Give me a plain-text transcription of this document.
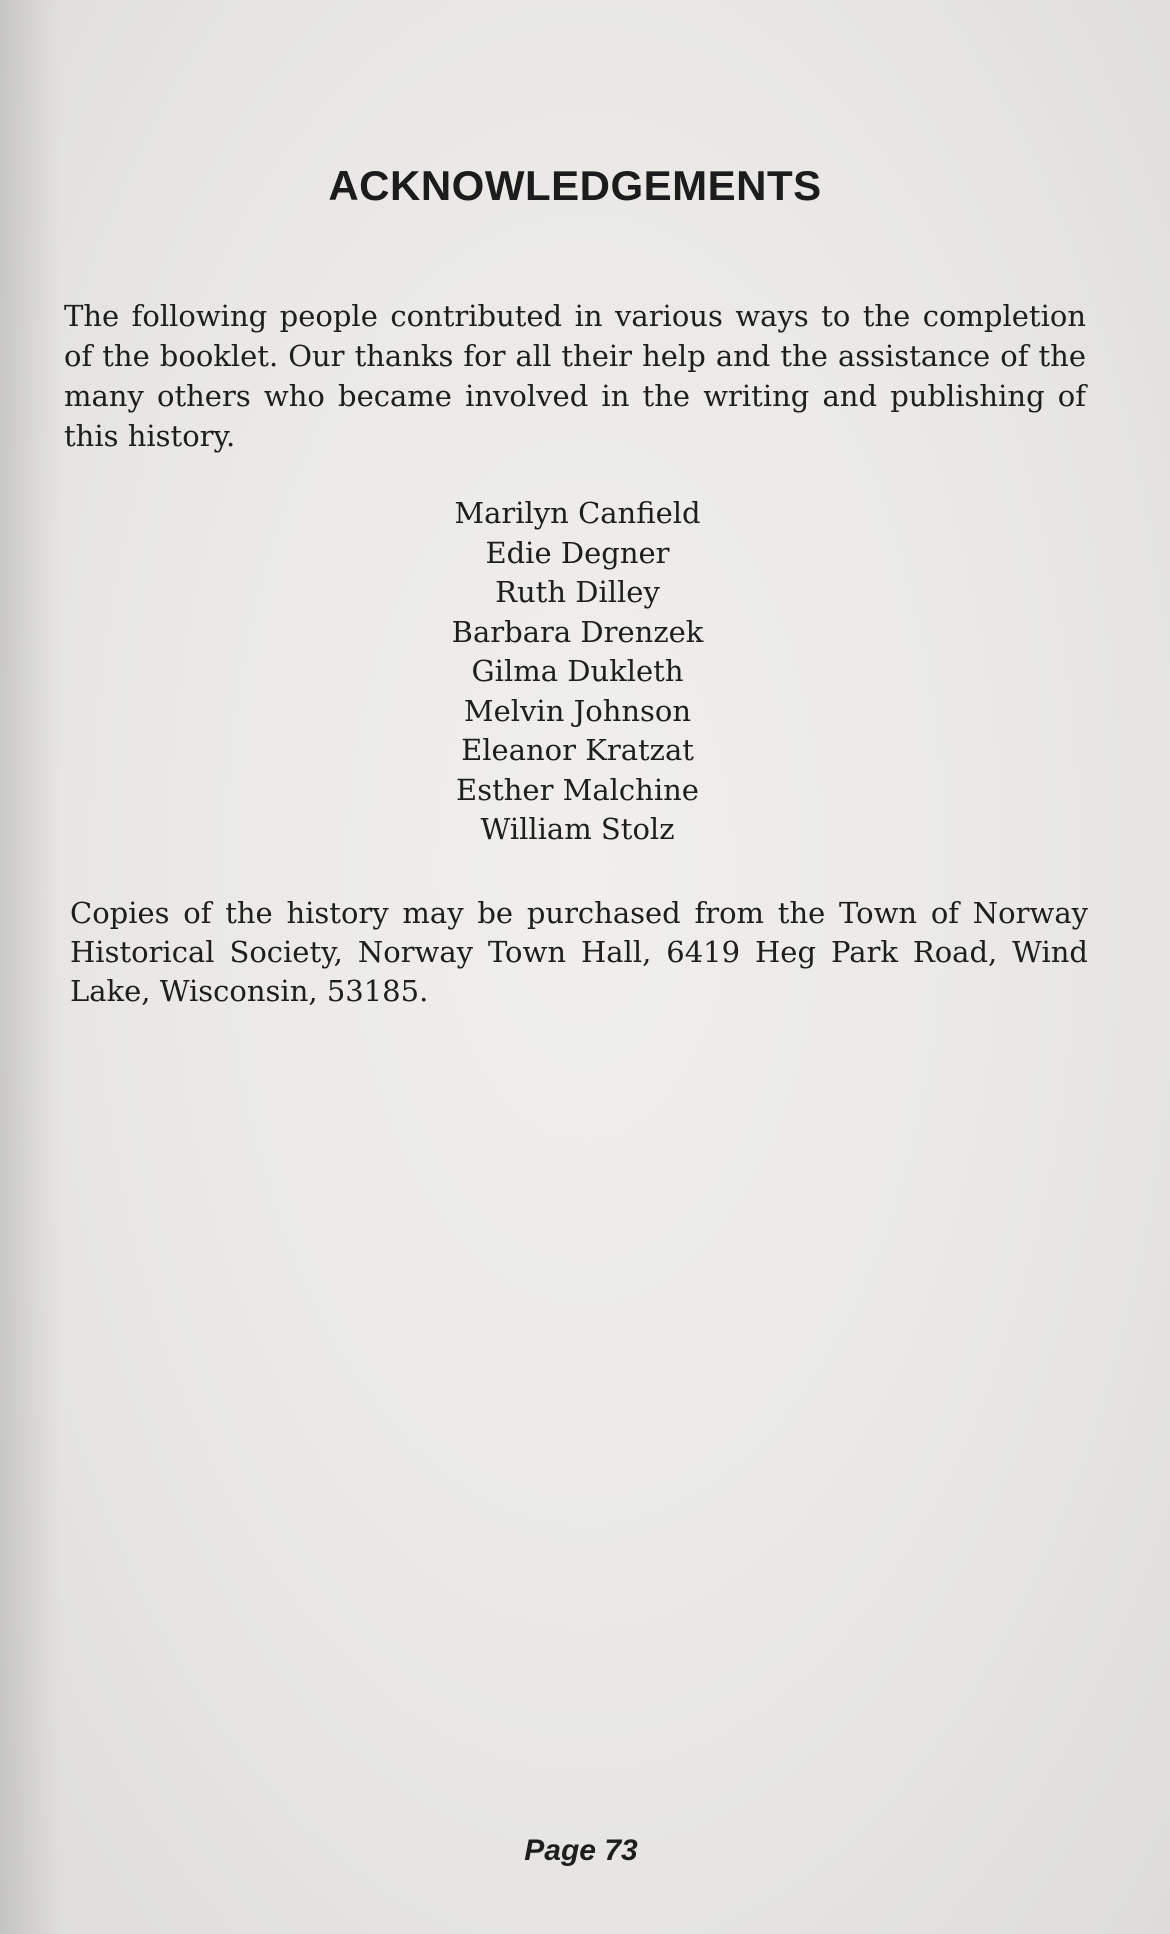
ACKNOWLEDGEMENTS
The following people contributed in various ways to the completion of the booklet. Our thanks for all their help and the assistance of the many others who became involved in the writing and publishing of this history.
Marilyn Canfield
Edie Degner
Ruth Dilley
Barbara Drenzek
Gilma Dukleth
Melvin Johnson
Eleanor Kratzat
Esther Malchine
William Stolz
Copies of the history may be purchased from the Town of Norway Historical Society, Norway Town Hall, 6419 Heg Park Road, Wind Lake, Wisconsin, 53185.
Page 73
